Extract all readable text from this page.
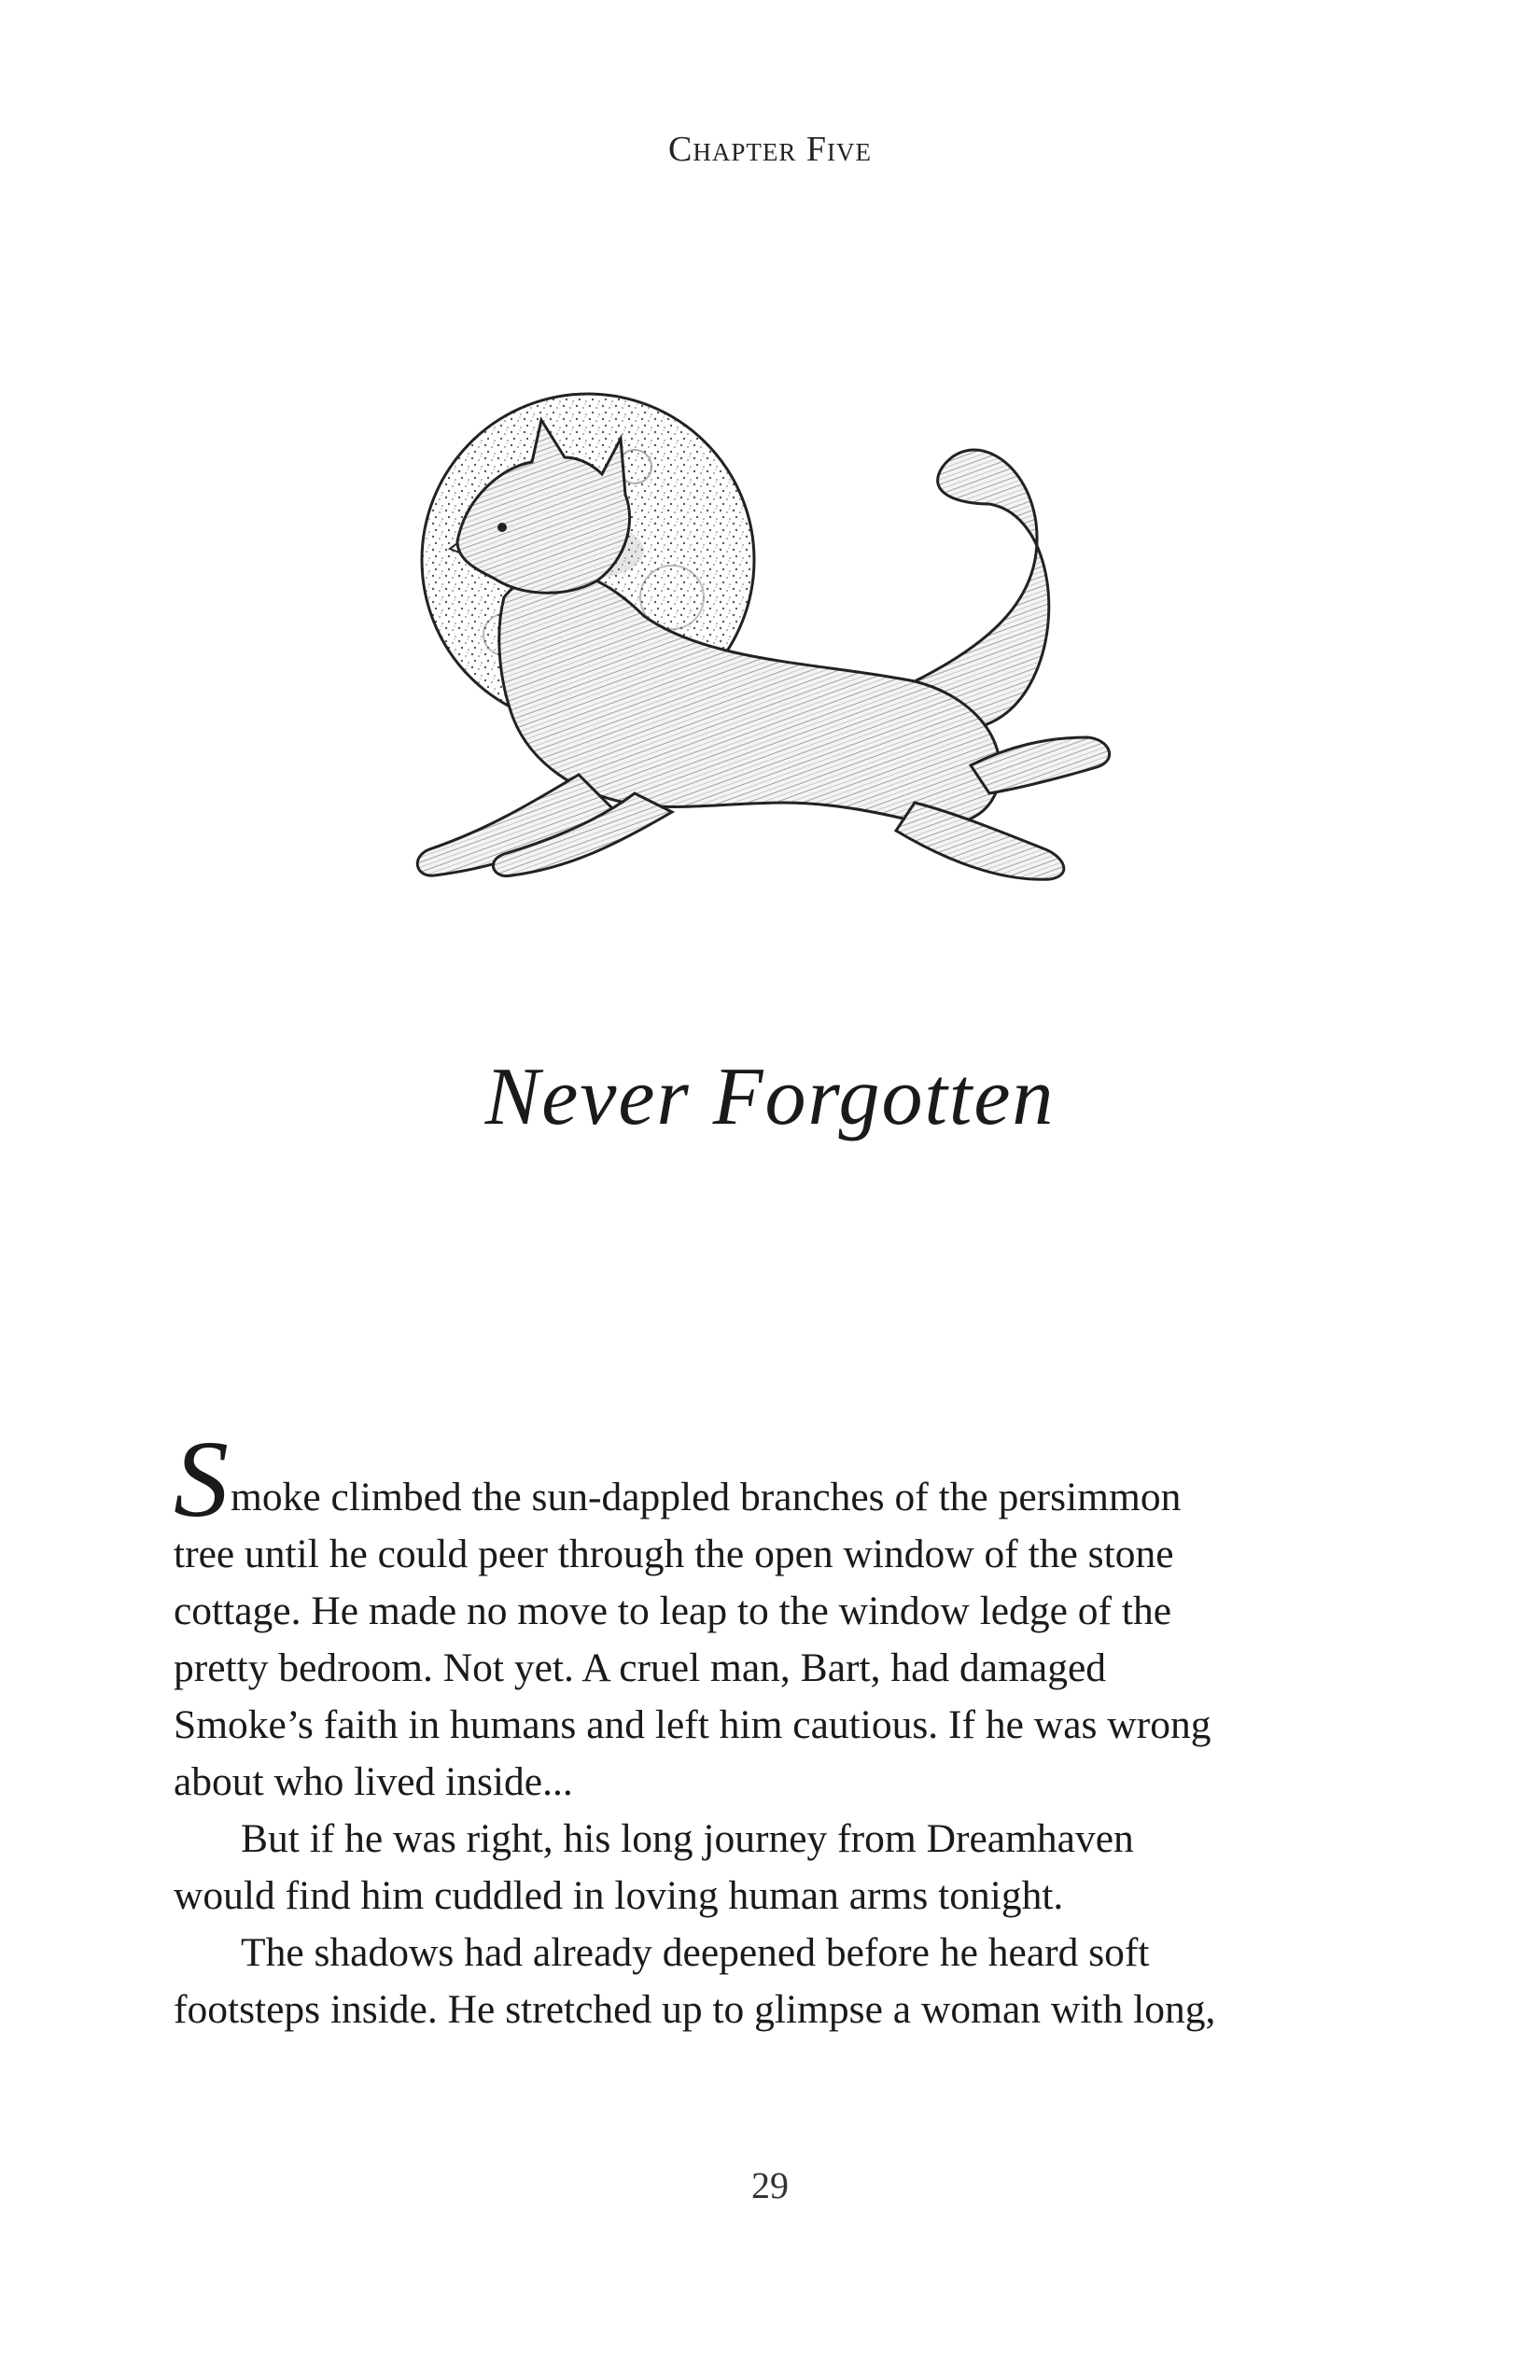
Chapter Five
Never Forgotten

Smoke climbed the sun-dappled branches of the persimmon
tree until he could peer through the open window of the stone
cottage. He made no move to leap to the window ledge of the
pretty bedroom. Not yet. A cruel man, Bart, had damaged
Smoke’s faith in humans and left him cautious. If he was wrong
about who lived inside...

But if he was right, his long journey from Dreamhaven
would find him cuddled in loving human arms tonight.

The shadows had already deepened before he heard soft
footsteps inside. He stretched up to glimpse a woman with long,

29
